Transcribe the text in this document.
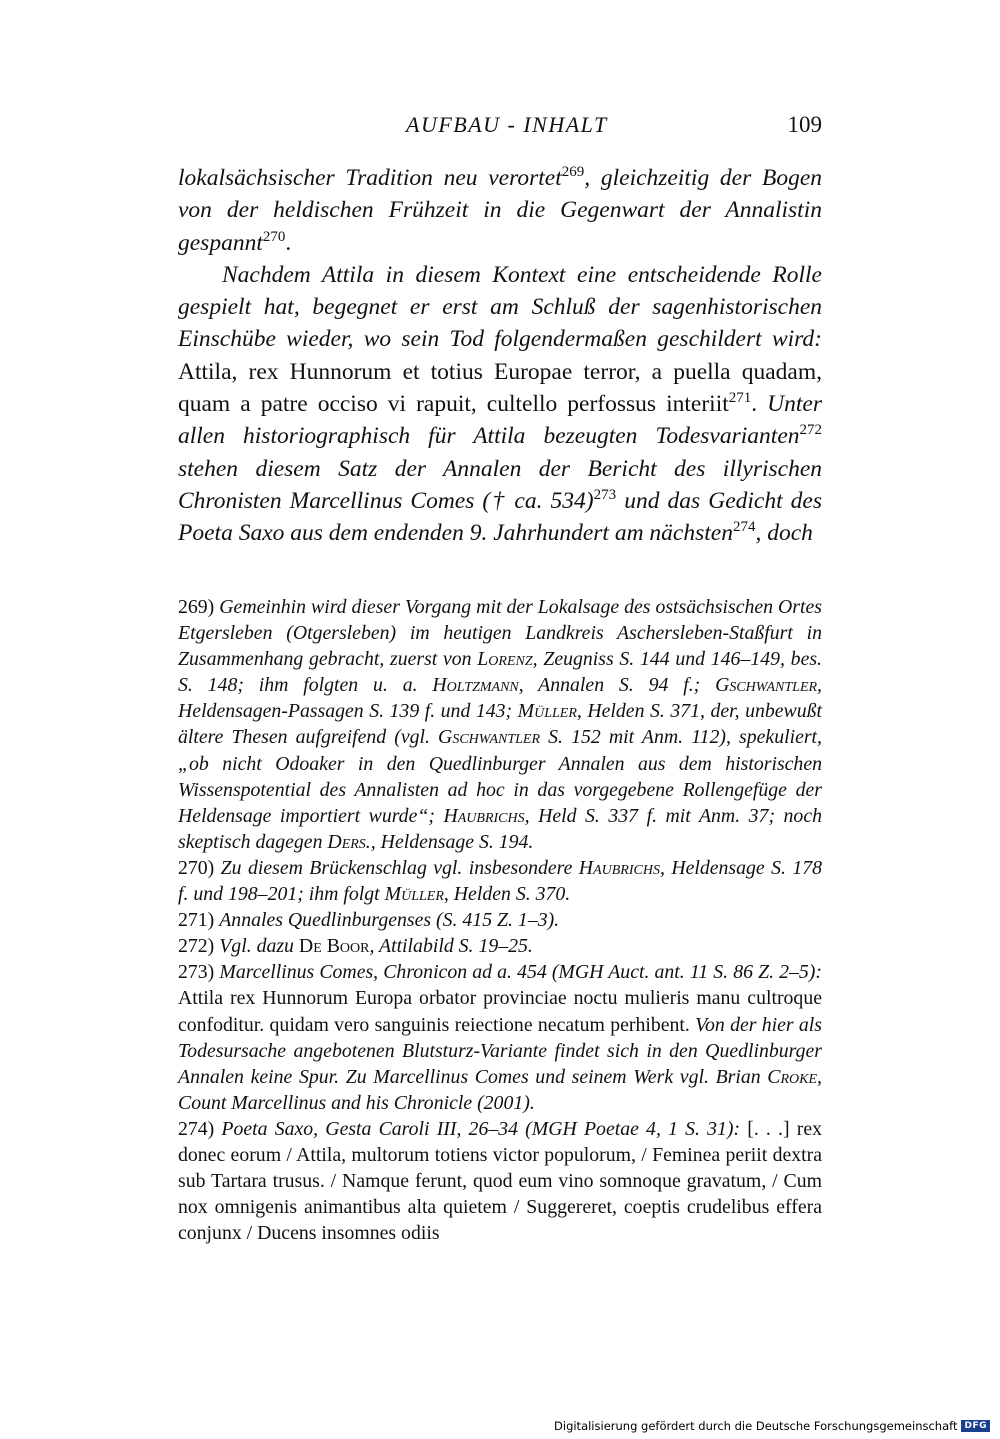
AUFBAU - INHALT	109

lokalsächsischer Tradition neu verortet$^{269}$, gleichzeitig der Bogen von der heldischen Frühzeit in die Gegenwart der Annalistin gespannt$^{270}$.

Nachdem Attila in diesem Kontext eine entscheidende Rolle gespielt hat, begegnet er erst am Schluß der sagenhistorischen Einschübe wieder, wo sein Tod folgendermaßen geschildert wird: Attila, rex Hunnorum et totius Europae terror, a puella quadam, quam a patre occiso vi rapuit, cultello perfossus interiit$^{271}$. Unter allen historiographisch für Attila bezeugten Todesvarianten$^{272}$ stehen diesem Satz der Annalen der Bericht des illyrischen Chronisten Marcellinus Comes († ca. 534)$^{273}$ und das Gedicht des Poeta Saxo aus dem endenden 9. Jahrhundert am nächsten$^{274}$, doch

269) Gemeinhin wird dieser Vorgang mit der Lokalsage des ostsächsischen Ortes Etgersleben (Otgersleben) im heutigen Landkreis Aschersleben-Staßfurt in Zusammenhang gebracht, zuerst von Lorenz, Zeugniss S. 144 und 146–149, bes. S. 148; ihm folgten u. a. Holtzmann, Annalen S. 94 f.; Gschwantler, Heldensagen-Passagen S. 139 f. und 143; Müller, Helden S. 371, der, unbewußt ältere Thesen aufgreifend (vgl. Gschwantler S. 152 mit Anm. 112), spekuliert, „ob nicht Odoaker in den Quedlinburger Annalen aus dem historischen Wissenspotential des Annalisten ad hoc in das vorgegebene Rollengefüge der Heldensage importiert wurde“; Haubrichs, Held S. 337 f. mit Anm. 37; noch skeptisch dagegen Ders., Heldensage S. 194.

270) Zu diesem Brückenschlag vgl. insbesondere Haubrichs, Heldensage S. 178 f. und 198–201; ihm folgt Müller, Helden S. 370.

271) Annales Quedlinburgenses (S. 415 Z. 1–3).

272) Vgl. dazu De Boor, Attilabild S. 19–25.

273) Marcellinus Comes, Chronicon ad a. 454 (MGH Auct. ant. 11 S. 86 Z. 2–5): Attila rex Hunnorum Europa orbator provinciae noctu mulieris manu cultroque confoditur. quidam vero sanguinis reiectione necatum perhibent. Von der hier als Todesursache angebotenen Blutsturz-Variante findet sich in den Quedlinburger Annalen keine Spur. Zu Marcellinus Comes und seinem Werk vgl. Brian Croke, Count Marcellinus and his Chronicle (2001).

274) Poeta Saxo, Gesta Caroli III, 26–34 (MGH Poetae 4, 1 S. 31): [. . .] rex donec eorum / Attila, multorum totiens victor populorum, / Feminea periit dextra sub Tartara trusus. / Namque ferunt, quod eum vino somnoque gravatum, / Cum nox omnigenis animantibus alta quietem / Suggereret, coeptis crudelibus effera conjunx / Ducens insomnes odiis

Digitalisierung gefördert durch die Deutsche Forschungsgemeinschaft DFG
